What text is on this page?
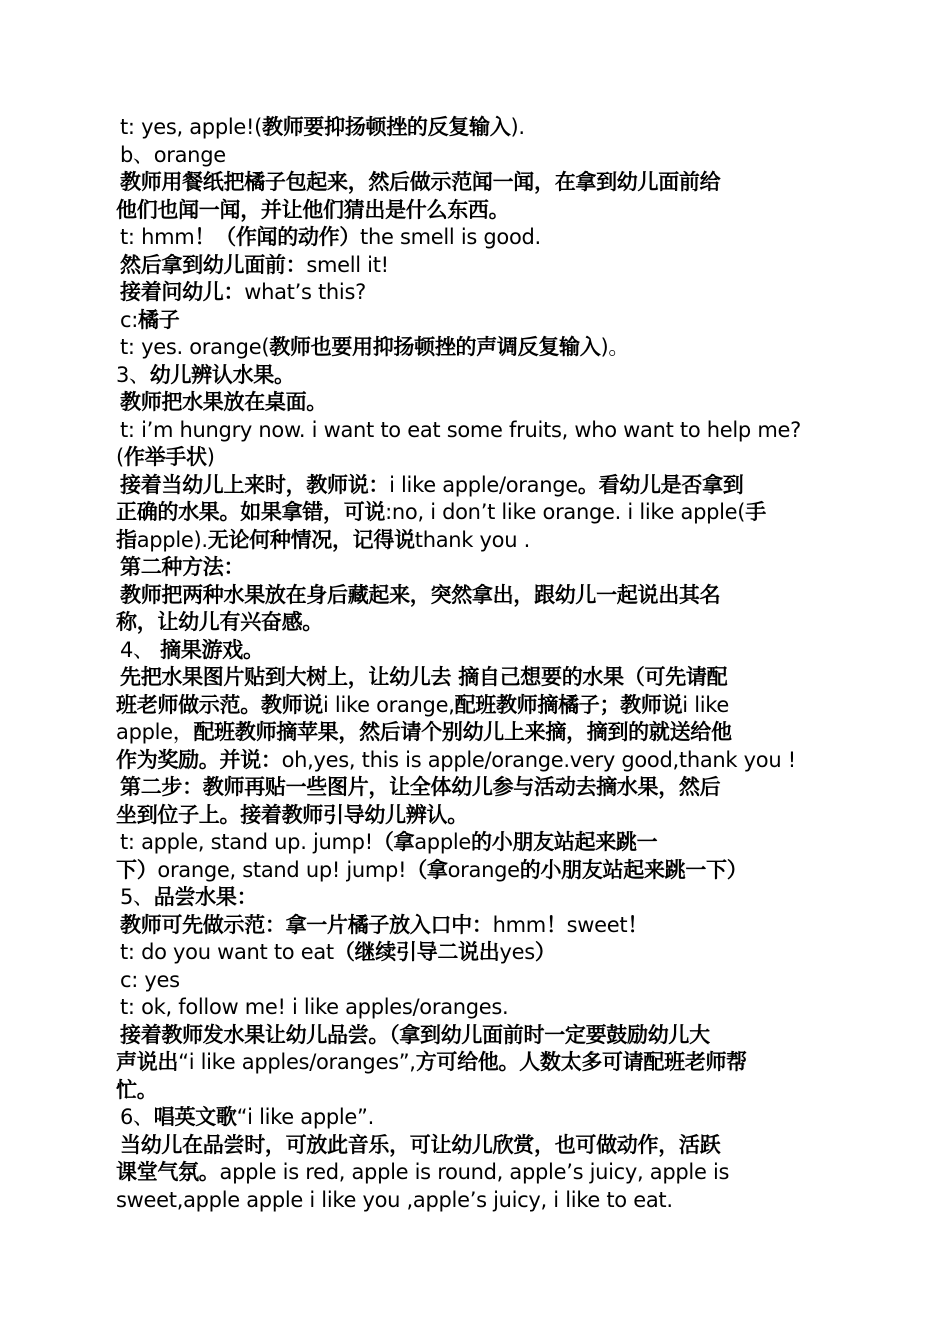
t: yes, apple!(教师要抑扬顿挫的反复输入).
b、orange
教师用餐纸把橘子包起来，然后做示范闻一闻，在拿到幼儿面前给
他们也闻一闻，并让他们猜出是什么东西。
t: hmm！（作闻的动作）the smell is good.
然后拿到幼儿面前：smell it!
接着问幼儿：what’s this?
c:橘子
t: yes. orange(教师也要用抑扬顿挫的声调反复输入)。
3、幼儿辨认水果。
教师把水果放在桌面。
t: i’m hungry now. i want to eat some fruits, who want to help me?
(作举手状)
接着当幼儿上来时，教师说：i like apple/orange。看幼儿是否拿到
正确的水果。如果拿错，可说:no, i don’t like orange. i like apple(手
指apple).无论何种情况，记得说thank you .
第二种方法：
教师把两种水果放在身后藏起来，突然拿出，跟幼儿一起说出其名
称，让幼儿有兴奋感。
4、 摘果游戏。
先把水果图片贴到大树上，让幼儿去 摘自己想要的水果（可先请配
班老师做示范。教师说i like orange,配班教师摘橘子；教师说i like
apple，配班教师摘苹果，然后请个别幼儿上来摘，摘到的就送给他
作为奖励。并说：oh,yes, this is apple/orange.very good,thank you !
第二步：教师再贴一些图片，让全体幼儿参与活动去摘水果，然后
坐到位子上。接着教师引导幼儿辨认。
t: apple, stand up. jump!（拿apple的小朋友站起来跳一
下）orange, stand up! jump!（拿orange的小朋友站起来跳一下）
5、品尝水果：
教师可先做示范：拿一片橘子放入口中：hmm！sweet！
t: do you want to eat（继续引导二说出yes）
c: yes
t: ok, follow me! i like apples/oranges.
接着教师发水果让幼儿品尝。（拿到幼儿面前时一定要鼓励幼儿大
声说出“i like apples/oranges”,方可给他。人数太多可请配班老师帮
忙。
6、唱英文歌“i like apple”.
当幼儿在品尝时，可放此音乐，可让幼儿欣赏，也可做动作，活跃
课堂气氛。apple is red, apple is round, apple’s juicy, apple is
sweet,apple apple i like you ,apple’s juicy, i like to eat.
